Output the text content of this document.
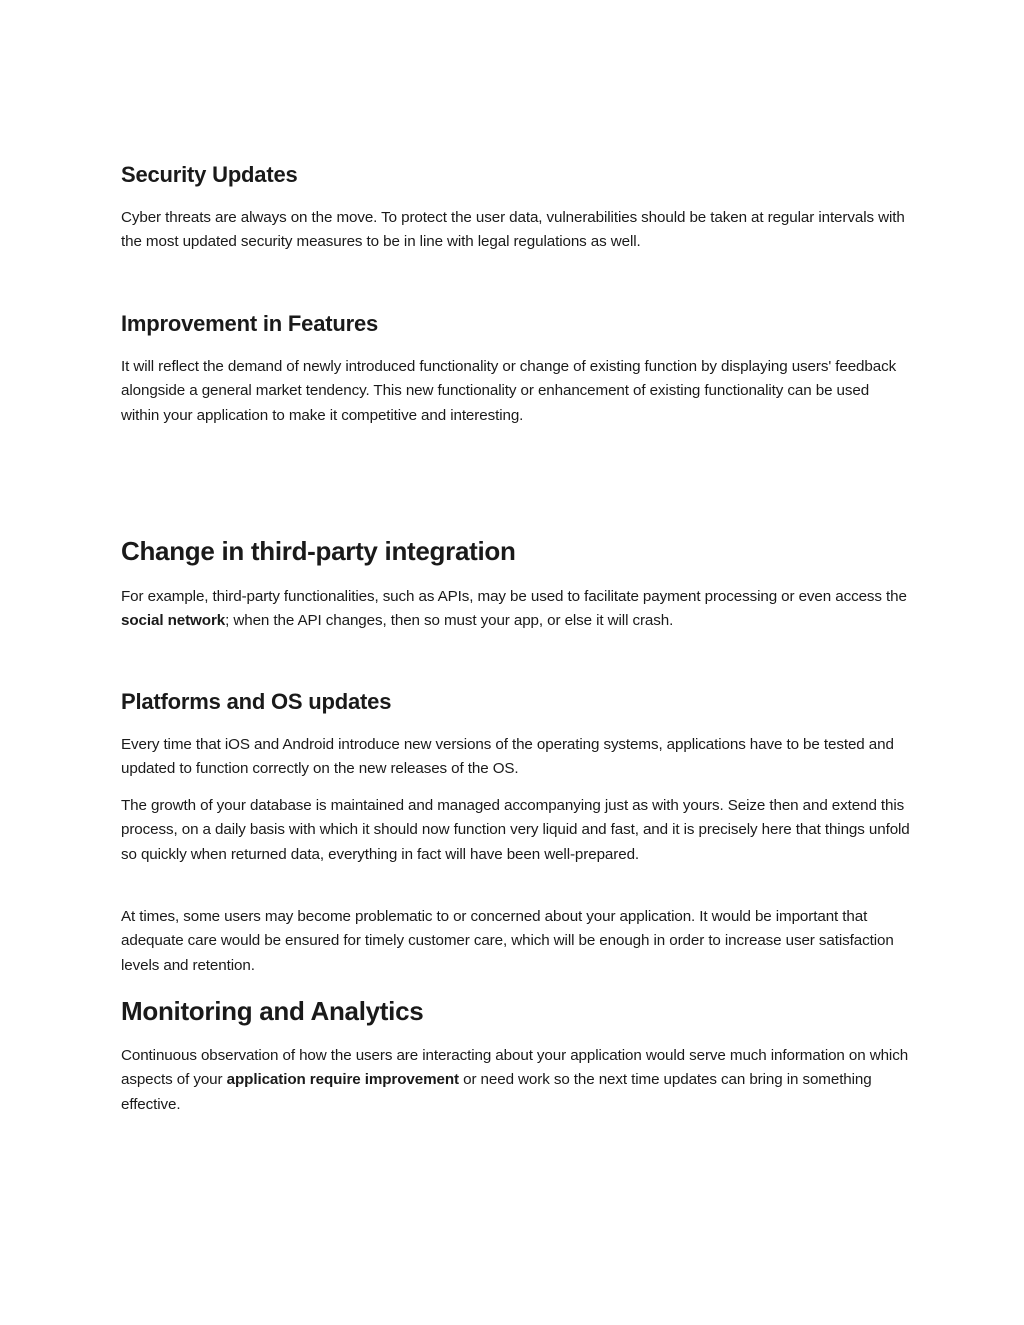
Security Updates

Cyber threats are always on the move. To protect the user data, vulnerabilities should be taken at regular intervals with the most updated security measures to be in line with legal regulations as well.

Improvement in Features

It will reflect the demand of newly introduced functionality or change of existing function by displaying users' feedback alongside a general market tendency. This new functionality or enhancement of existing functionality can be used within your application to make it competitive and interesting.

Change in third-party integration

For example, third-party functionalities, such as APIs, may be used to facilitate payment processing or even access the social network; when the API changes, then so must your app, or else it will crash.

Platforms and OS updates

Every time that iOS and Android introduce new versions of the operating systems, applications have to be tested and updated to function correctly on the new releases of the OS.

The growth of your database is maintained and managed accompanying just as with yours. Seize then and extend this process, on a daily basis with which it should now function very liquid and fast, and it is precisely here that things unfold so quickly when returned data, everything in fact will have been well-prepared.

At times, some users may become problematic to or concerned about your application. It would be important that adequate care would be ensured for timely customer care, which will be enough in order to increase user satisfaction levels and retention.

Monitoring and Analytics

Continuous observation of how the users are interacting about your application would serve much information on which aspects of your application require improvement or need work so the next time updates can bring in something effective.
